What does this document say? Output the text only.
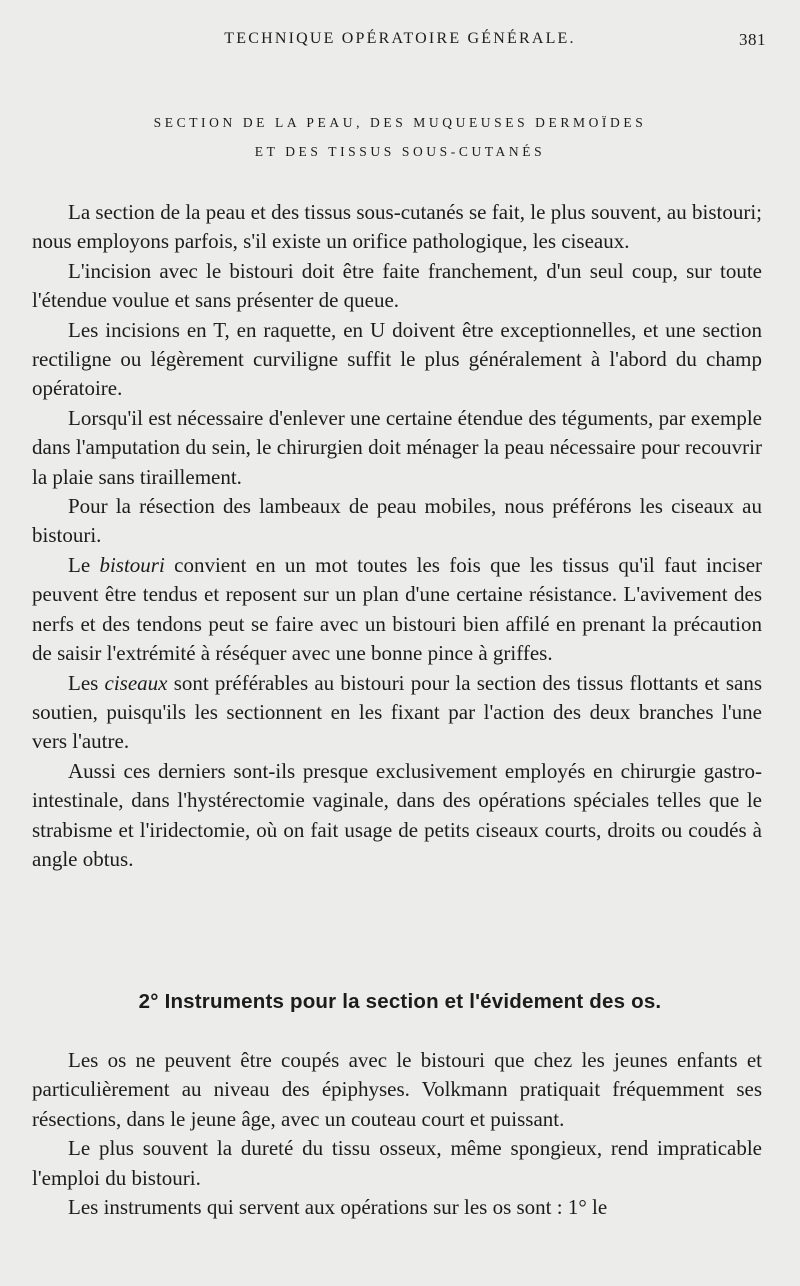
TECHNIQUE OPÉRATOIRE GÉNÉRALE.	381
SECTION DE LA PEAU, DES MUQUEUSES DERMOÏDES
ET DES TISSUS SOUS-CUTANÉS

La section de la peau et des tissus sous-cutanés se fait, le plus souvent, au bistouri; nous employons parfois, s'il existe un orifice pathologique, les ciseaux.

L'incision avec le bistouri doit être faite franchement, d'un seul coup, sur toute l'étendue voulue et sans présenter de queue.

Les incisions en T, en raquette, en U doivent être exceptionnelles, et une section rectiligne ou légèrement curviligne suffit le plus généralement à l'abord du champ opératoire.

Lorsqu'il est nécessaire d'enlever une certaine étendue des téguments, par exemple dans l'amputation du sein, le chirurgien doit ménager la peau nécessaire pour recouvrir la plaie sans tiraillement.

Pour la résection des lambeaux de peau mobiles, nous préférons les ciseaux au bistouri.

Le bistouri convient en un mot toutes les fois que les tissus qu'il faut inciser peuvent être tendus et reposent sur un plan d'une certaine résistance. L'avivement des nerfs et des tendons peut se faire avec un bistouri bien affilé en prenant la précaution de saisir l'extrémité à réséquer avec une bonne pince à griffes.

Les ciseaux sont préférables au bistouri pour la section des tissus flottants et sans soutien, puisqu'ils les sectionnent en les fixant par l'action des deux branches l'une vers l'autre.

Aussi ces derniers sont-ils presque exclusivement employés en chirurgie gastro-intestinale, dans l'hystérectomie vaginale, dans des opérations spéciales telles que le strabisme et l'iridectomie, où on fait usage de petits ciseaux courts, droits ou coudés à angle obtus.

2° Instruments pour la section et l'évidement des os.

Les os ne peuvent être coupés avec le bistouri que chez les jeunes enfants et particulièrement au niveau des épiphyses. Volkmann pratiquait fréquemment ses résections, dans le jeune âge, avec un couteau court et puissant.

Le plus souvent la dureté du tissu osseux, même spongieux, rend impraticable l'emploi du bistouri.

Les instruments qui servent aux opérations sur les os sont : 1° le
